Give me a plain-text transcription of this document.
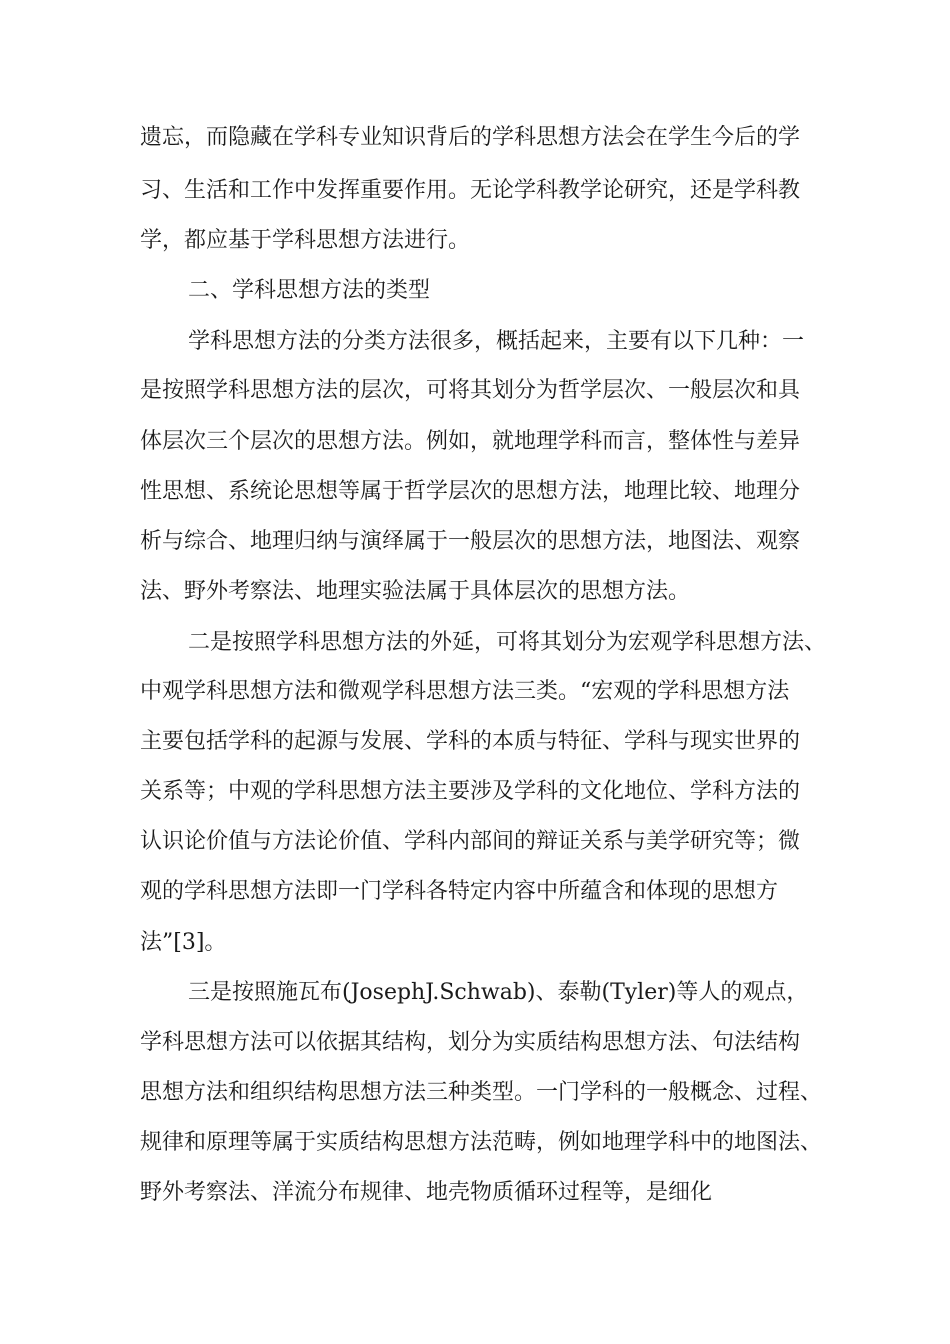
遗忘，而隐藏在学科专业知识背后的学科思想方法会在学生今后的学
习、生活和工作中发挥重要作用。无论学科教学论研究，还是学科教
学，都应基于学科思想方法进行。
二、学科思想方法的类型
学科思想方法的分类方法很多，概括起来，主要有以下几种：一
是按照学科思想方法的层次，可将其划分为哲学层次、一般层次和具
体层次三个层次的思想方法。例如，就地理学科而言，整体性与差异
性思想、系统论思想等属于哲学层次的思想方法，地理比较、地理分
析与综合、地理归纳与演绎属于一般层次的思想方法，地图法、观察
法、野外考察法、地理实验法属于具体层次的思想方法。
二是按照学科思想方法的外延，可将其划分为宏观学科思想方法、
中观学科思想方法和微观学科思想方法三类。“宏观的学科思想方法
主要包括学科的起源与发展、学科的本质与特征、学科与现实世界的
关系等；中观的学科思想方法主要涉及学科的文化地位、学科方法的
认识论价值与方法论价值、学科内部间的辩证关系与美学研究等；微
观的学科思想方法即一门学科各特定内容中所蕴含和体现的思想方
法”[3]。
三是按照施瓦布(JosephJ.Schwab)、泰勒(Tyler)等人的观点，
学科思想方法可以依据其结构，划分为实质结构思想方法、句法结构
思想方法和组织结构思想方法三种类型。一门学科的一般概念、过程、
规律和原理等属于实质结构思想方法范畴，例如地理学科中的地图法、
野外考察法、洋流分布规律、地壳物质循环过程等，是细化
